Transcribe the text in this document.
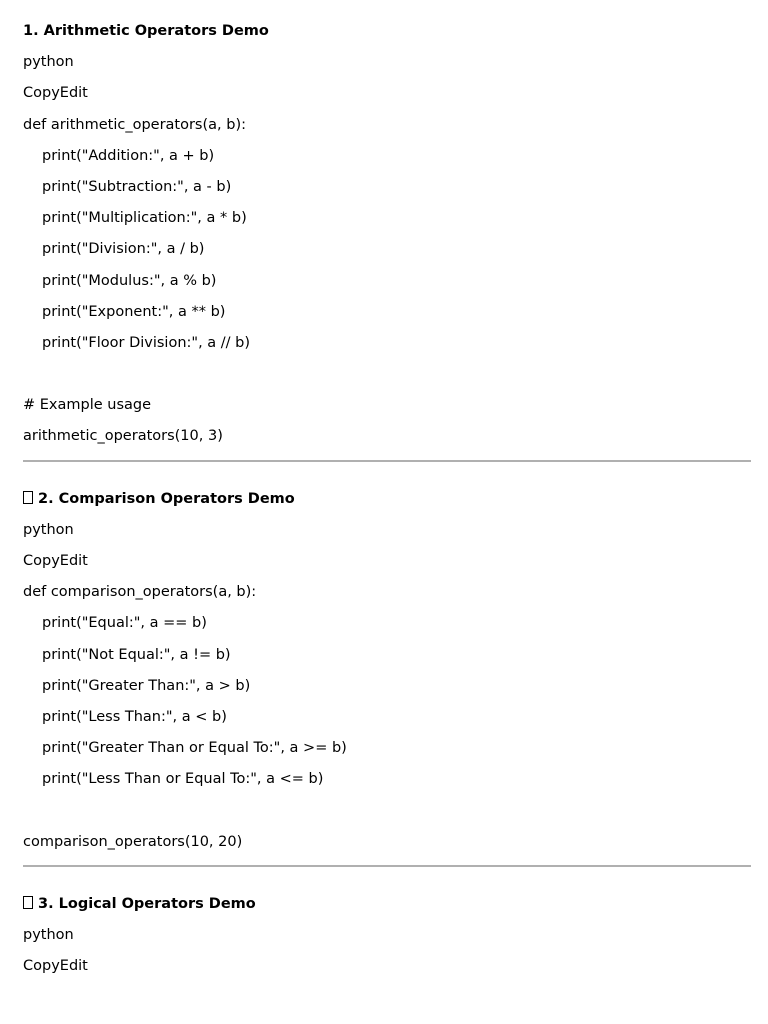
1. Arithmetic Operators Demo
python
CopyEdit
def arithmetic_operators(a, b):
print("Addition:", a + b)
print("Subtraction:", a - b)
print("Multiplication:", a * b)
print("Division:", a / b)
print("Modulus:", a % b)
print("Exponent:", a ** b)
print("Floor Division:", a // b)
# Example usage
arithmetic_operators(10, 3)
2. Comparison Operators Demo
python
CopyEdit
def comparison_operators(a, b):
print("Equal:", a == b)
print("Not Equal:", a != b)
print("Greater Than:", a > b)
print("Less Than:", a < b)
print("Greater Than or Equal To:", a >= b)
print("Less Than or Equal To:", a <= b)
comparison_operators(10, 20)
3. Logical Operators Demo
python
CopyEdit
